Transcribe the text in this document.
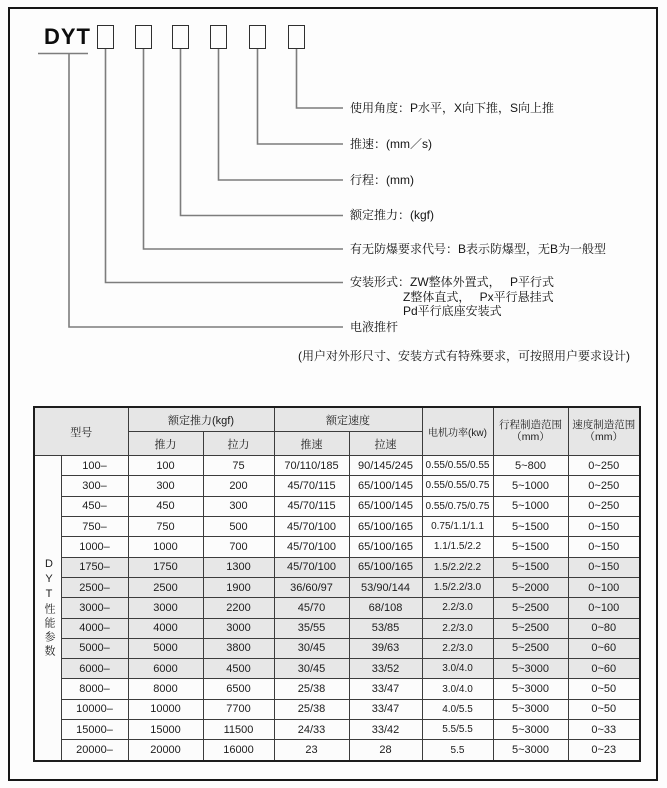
DYT
使用角度：P水平，X向下推，S向上推
推速：(mm／s)
行程：(mm)
额定推力：(kgf)
有无防爆要求代号：B表示防爆型，无B为一般型
安装形式：ZW整体外置式，　 P平行式
Z整体直式，　 Px平行悬挂式
Pd平行底座安装式
电液推杆
(用户对外形尺寸、安装方式有特殊要求，可按照用户要求设计)
型号		额定推力(kgf)		额定速度		电机功率(kw)	行程制造范围
（mm）	速度制造范围
（mm）
		推力	拉力	推速	拉速			

DYT性能参数	100–	100	75	70/110/185	90/145/245	0.55/0.55/0.55	5~800	0~250
	300–	300	200	45/70/115	65/100/145	0.55/0.55/0.75	5~1000	0~250
	450–	450	300	45/70/115	65/100/145	0.55/0.75/0.75	5~1000	0~250
	750–	750	500	45/70/100	65/100/165	0.75/1.1/1.1	5~1500	0~150
	1000–	1000	700	45/70/100	65/100/165	1.1/1.5/2.2	5~1500	0~150
	1750–	1750	1300	45/70/100	65/100/165	1.5/2.2/2.2	5~1500	0~150
	2500–	2500	1900	36/60/97	53/90/144	1.5/2.2/3.0	5~2000	0~100
	3000–	3000	2200	45/70	68/108	2.2/3.0	5~2500	0~100
	4000–	4000	3000	35/55	53/85	2.2/3.0	5~2500	0~80
	5000–	5000	3800	30/45	39/63	2.2/3.0	5~2500	0~60
	6000–	6000	4500	30/45	33/52	3.0/4.0	5~3000	0~60
	8000–	8000	6500	25/38	33/47	3.0/4.0	5~3000	0~50
	10000–	10000	7700	25/38	33/47	4.0/5.5	5~3000	0~50
	15000–	15000	11500	24/33	33/42	5.5/5.5	5~3000	0~33
	20000–	20000	16000	23	28	5.5	5~3000	0~23
